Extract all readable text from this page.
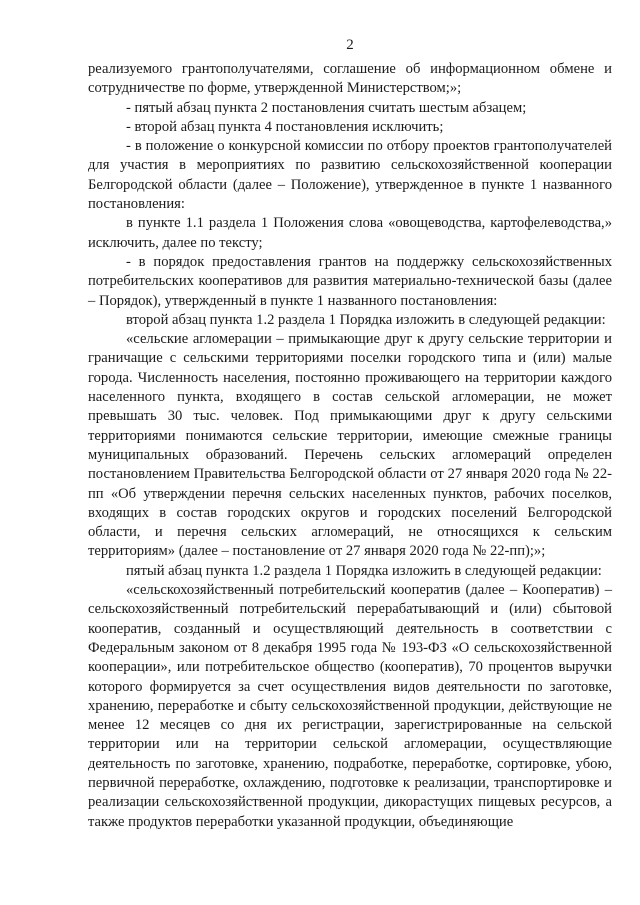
2

реализуемого грантополучателями, соглашение об информационном обмене и сотрудничестве по форме, утвержденной Министерством;»;

- пятый абзац пункта 2 постановления считать шестым абзацем;

- второй абзац пункта 4 постановления исключить;

- в положение о конкурсной комиссии по отбору проектов грантополучателей для участия в мероприятиях по развитию сельскохозяйственной кооперации Белгородской области (далее – Положение), утвержденное в пункте 1 названного постановления:

в пункте 1.1 раздела 1 Положения слова «овощеводства, картофелеводства,» исключить, далее по тексту;

- в порядок предоставления грантов на поддержку сельскохозяйственных потребительских кооперативов для развития материально-технической базы (далее – Порядок), утвержденный в пункте 1 названного постановления:

второй абзац пункта 1.2 раздела 1 Порядка изложить в следующей редакции:

«сельские агломерации – примыкающие друг к другу сельские территории и граничащие с сельскими территориями поселки городского типа и (или) малые города. Численность населения, постоянно проживающего на территории каждого населенного пункта, входящего в состав сельской агломерации, не может превышать 30 тыс. человек. Под примыкающими друг к другу сельскими территориями понимаются сельские территории, имеющие смежные границы муниципальных образований. Перечень сельских агломераций определен постановлением Правительства Белгородской области от 27 января 2020 года № 22-пп «Об утверждении перечня сельских населенных пунктов, рабочих поселков, входящих в состав городских округов и городских поселений Белгородской области, и перечня сельских агломераций, не относящихся к сельским территориям» (далее – постановление от 27 января 2020 года № 22-пп);»;

пятый абзац пункта 1.2 раздела 1 Порядка изложить в следующей редакции:

«сельскохозяйственный потребительский кооператив (далее – Кооператив) – сельскохозяйственный потребительский перерабатывающий и (или) сбытовой кооператив, созданный и осуществляющий деятельность в соответствии с Федеральным законом от 8 декабря 1995 года № 193-ФЗ «О сельскохозяйственной кооперации», или потребительское общество (кооператив), 70 процентов выручки которого формируется за счет осуществления видов деятельности по заготовке, хранению, переработке и сбыту сельскохозяйственной продукции, действующие не менее 12 месяцев со дня их регистрации, зарегистрированные на сельской территории или на территории сельской агломерации, осуществляющие деятельность по заготовке, хранению, подработке, переработке, сортировке, убою, первичной переработке, охлаждению, подготовке к реализации, транспортировке и реализации сельскохозяйственной продукции, дикорастущих пищевых ресурсов, а также продуктов переработки указанной продукции, объединяющие
